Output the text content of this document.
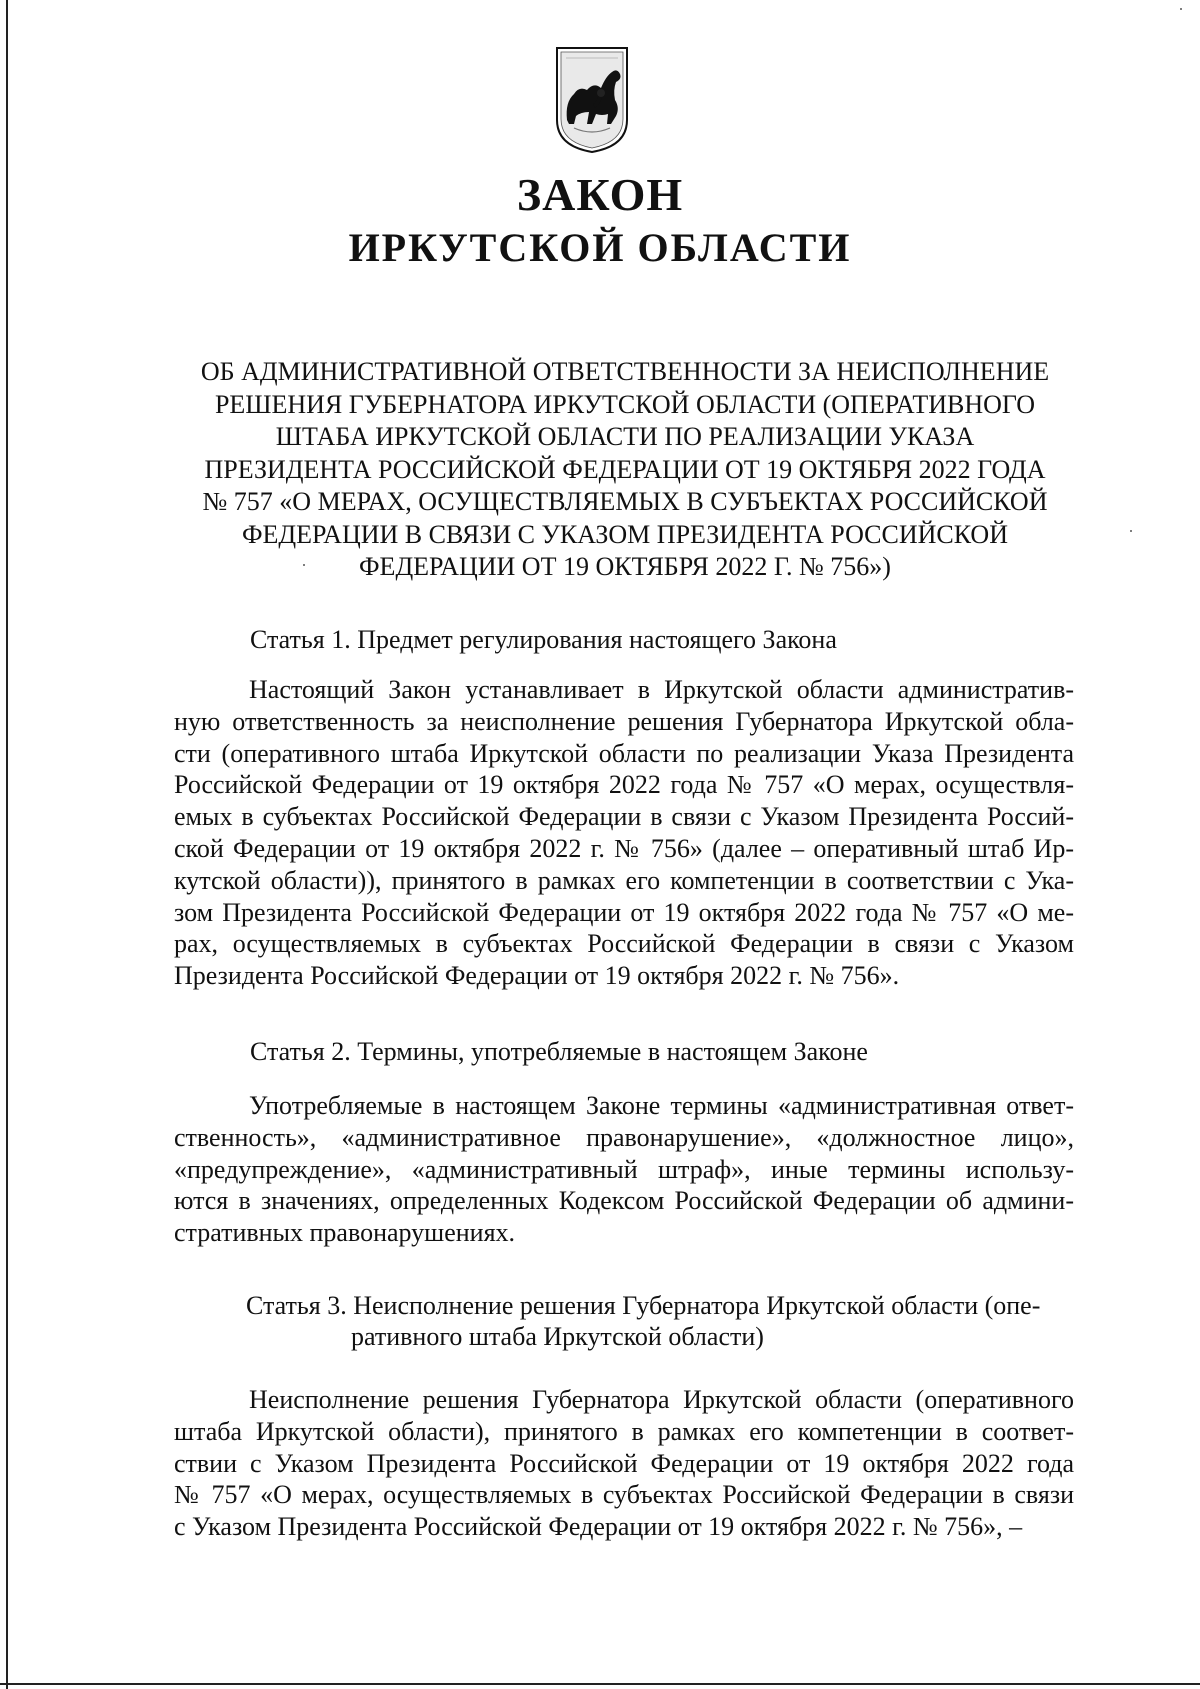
ЗАКОН
ИРКУТСКОЙ ОБЛАСТИ
ОБ АДМИНИСТРАТИВНОЙ ОТВЕТСТВЕННОСТИ ЗА НЕИСПОЛНЕНИЕ
РЕШЕНИЯ ГУБЕРНАТОРА ИРКУТСКОЙ ОБЛАСТИ (ОПЕРАТИВНОГО
ШТАБА ИРКУТСКОЙ ОБЛАСТИ ПО РЕАЛИЗАЦИИ УКАЗА
ПРЕЗИДЕНТА РОССИЙСКОЙ ФЕДЕРАЦИИ ОТ 19 ОКТЯБРЯ 2022 ГОДА
№ 757 «О МЕРАХ, ОСУЩЕСТВЛЯЕМЫХ В СУБЪЕКТАХ РОССИЙСКОЙ
ФЕДЕРАЦИИ В СВЯЗИ С УКАЗОМ ПРЕЗИДЕНТА РОССИЙСКОЙ
ФЕДЕРАЦИИ ОТ 19 ОКТЯБРЯ 2022 Г. № 756»)
Статья 1. Предмет регулирования настоящего Закона
Настоящий Закон устанавливает в Иркутской области административ-
ную ответственность за неисполнение решения Губернатора Иркутской обла-
сти (оперативного штаба Иркутской области по реализации Указа Президента
Российской Федерации от 19 октября 2022 года № 757 «О мерах, осуществля-
емых в субъектах Российской Федерации в связи с Указом Президента Россий-
ской Федерации от 19 октября 2022 г. № 756» (далее – оперативный штаб Ир-
кутской области)), принятого в рамках его компетенции в соответствии с Ука-
зом Президента Российской Федерации от 19 октября 2022 года № 757 «О ме-
рах, осуществляемых в субъектах Российской Федерации в связи с Указом
Президента Российской Федерации от 19 октября 2022 г. № 756».
Статья 2. Термины, употребляемые в настоящем Законе
Употребляемые в настоящем Законе термины «административная ответ-
ственность», «административное правонарушение», «должностное лицо»,
«предупреждение», «административный штраф», иные термины использу-
ются в значениях, определенных Кодексом Российской Федерации об админи-
стративных правонарушениях.
Статья 3. Неисполнение решения Губернатора Иркутской области (опе-
ративного штаба Иркутской области)
Неисполнение решения Губернатора Иркутской области (оперативного
штаба Иркутской области), принятого в рамках его компетенции в соответ-
ствии с Указом Президента Российской Федерации от 19 октября 2022 года
№ 757 «О мерах, осуществляемых в субъектах Российской Федерации в связи
с Указом Президента Российской Федерации от 19 октября 2022 г. № 756», –
